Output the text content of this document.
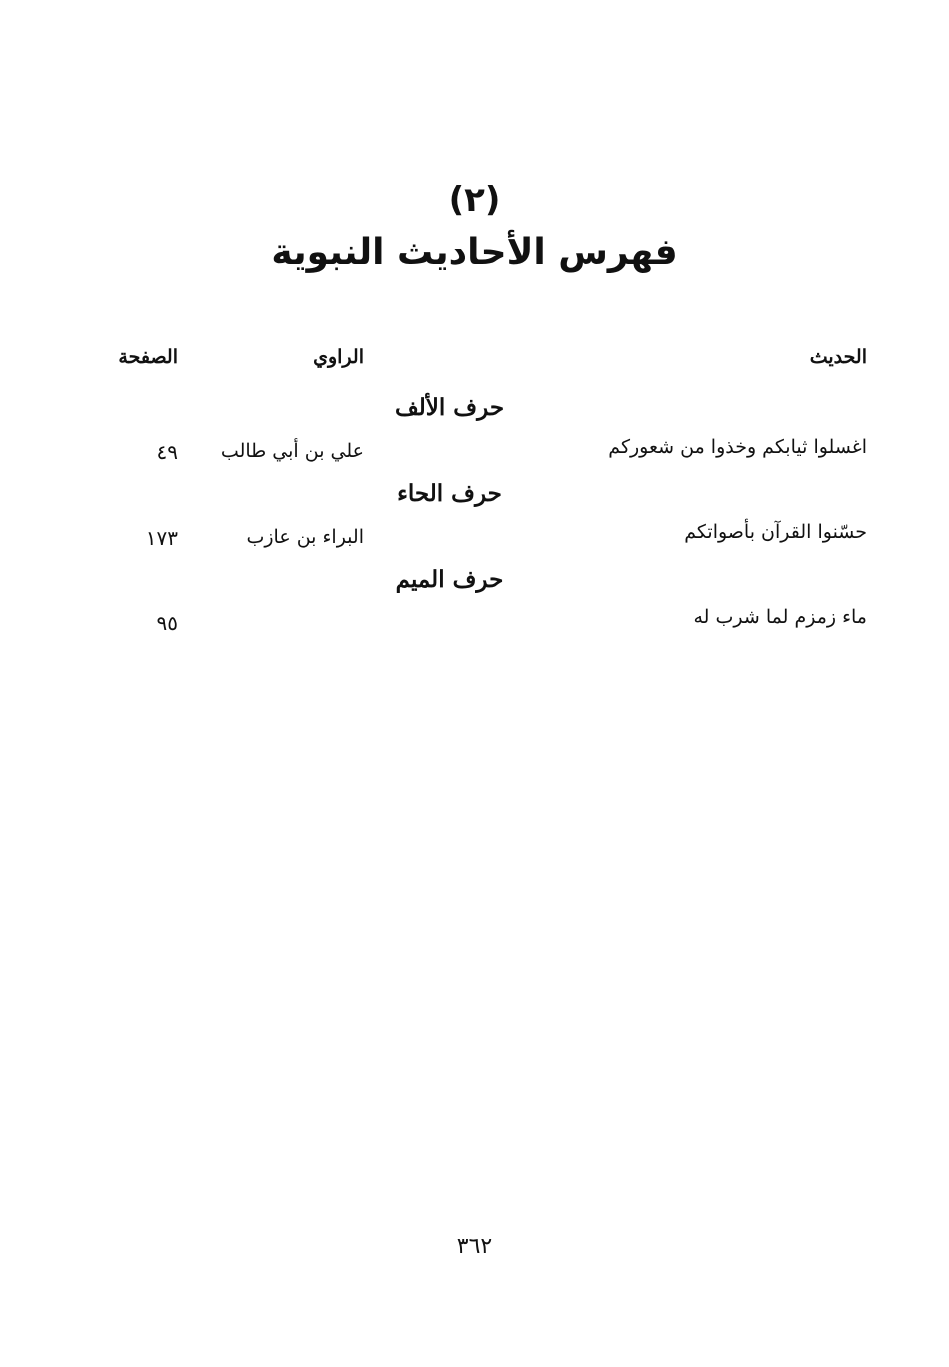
(٢)
فهرس الأحاديث النبوية
الحديث
الراوي
الصفحة
حرف الألف
اغسلوا ثيابكم وخذوا من شعوركم
علي بن أبي طالب
٤٩
حرف الحاء
حسّنوا القرآن بأصواتكم
البراء بن عازب
١٧٣
حرف الميم
ماء زمزم لما شرب له
٩٥
٣٦٢
